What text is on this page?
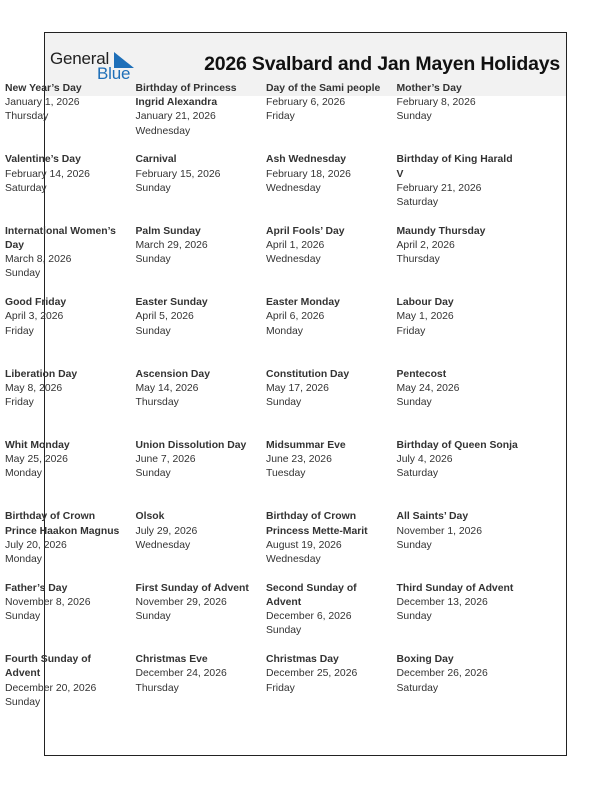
General
Blue	2026 Svalbard and Jan Mayen Holidays
New Year’s Day
January 1, 2026
Thursday
Birthday of Princess Ingrid Alexandra
January 21, 2026
Wednesday
Day of the Sami people
February 6, 2026
Friday
Mother’s Day
February 8, 2026
Sunday
Valentine’s Day
February 14, 2026
Saturday
Carnival
February 15, 2026
Sunday
Ash Wednesday
February 18, 2026
Wednesday
Birthday of King Harald V
February 21, 2026
Saturday
International Women’s Day
March 8, 2026
Sunday
Palm Sunday
March 29, 2026
Sunday
April Fools’ Day
April 1, 2026
Wednesday
Maundy Thursday
April 2, 2026
Thursday
Good Friday
April 3, 2026
Friday
Easter Sunday
April 5, 2026
Sunday
Easter Monday
April 6, 2026
Monday
Labour Day
May 1, 2026
Friday
Liberation Day
May 8, 2026
Friday
Ascension Day
May 14, 2026
Thursday
Constitution Day
May 17, 2026
Sunday
Pentecost
May 24, 2026
Sunday
Whit Monday
May 25, 2026
Monday
Union Dissolution Day
June 7, 2026
Sunday
Midsummar Eve
June 23, 2026
Tuesday
Birthday of Queen Sonja
July 4, 2026
Saturday
Birthday of Crown Prince Haakon Magnus
July 20, 2026
Monday
Olsok
July 29, 2026
Wednesday
Birthday of Crown Princess Mette-Marit
August 19, 2026
Wednesday
All Saints’ Day
November 1, 2026
Sunday
Father’s Day
November 8, 2026
Sunday
First Sunday of Advent
November 29, 2026
Sunday
Second Sunday of Advent
December 6, 2026
Sunday
Third Sunday of Advent
December 13, 2026
Sunday
Fourth Sunday of Advent
December 20, 2026
Sunday
Christmas Eve
December 24, 2026
Thursday
Christmas Day
December 25, 2026
Friday
Boxing Day
December 26, 2026
Saturday
